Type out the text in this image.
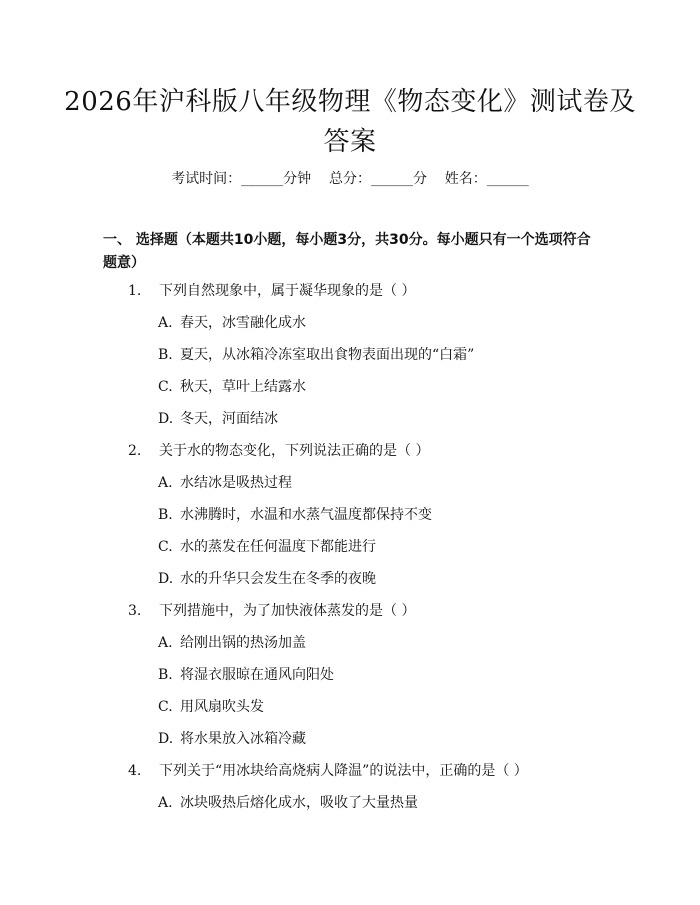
2026年沪科版八年级物理《物态变化》测试卷及答案
考试时间：______分钟    总分：______分    姓名：______
一、 选择题（本题共10小题，每小题3分，共30分。每小题只有一个选项符合题意）
1. 下列自然现象中，属于凝华现象的是（ ）
A. 春天，冰雪融化成水
B. 夏天，从冰箱冷冻室取出食物表面出现的“白霜”
C. 秋天，草叶上结露水
D. 冬天，河面结冰
2. 关于水的物态变化，下列说法正确的是（ ）
A. 水结冰是吸热过程
B. 水沸腾时，水温和水蒸气温度都保持不变
C. 水的蒸发在任何温度下都能进行
D. 水的升华只会发生在冬季的夜晚
3. 下列措施中，为了加快液体蒸发的是（ ）
A. 给刚出锅的热汤加盖
B. 将湿衣服晾在通风向阳处
C. 用风扇吹头发
D. 将水果放入冰箱冷藏
4. 下列关于“用冰块给高烧病人降温”的说法中，正确的是（ ）
A. 冰块吸热后熔化成水，吸收了大量热量
